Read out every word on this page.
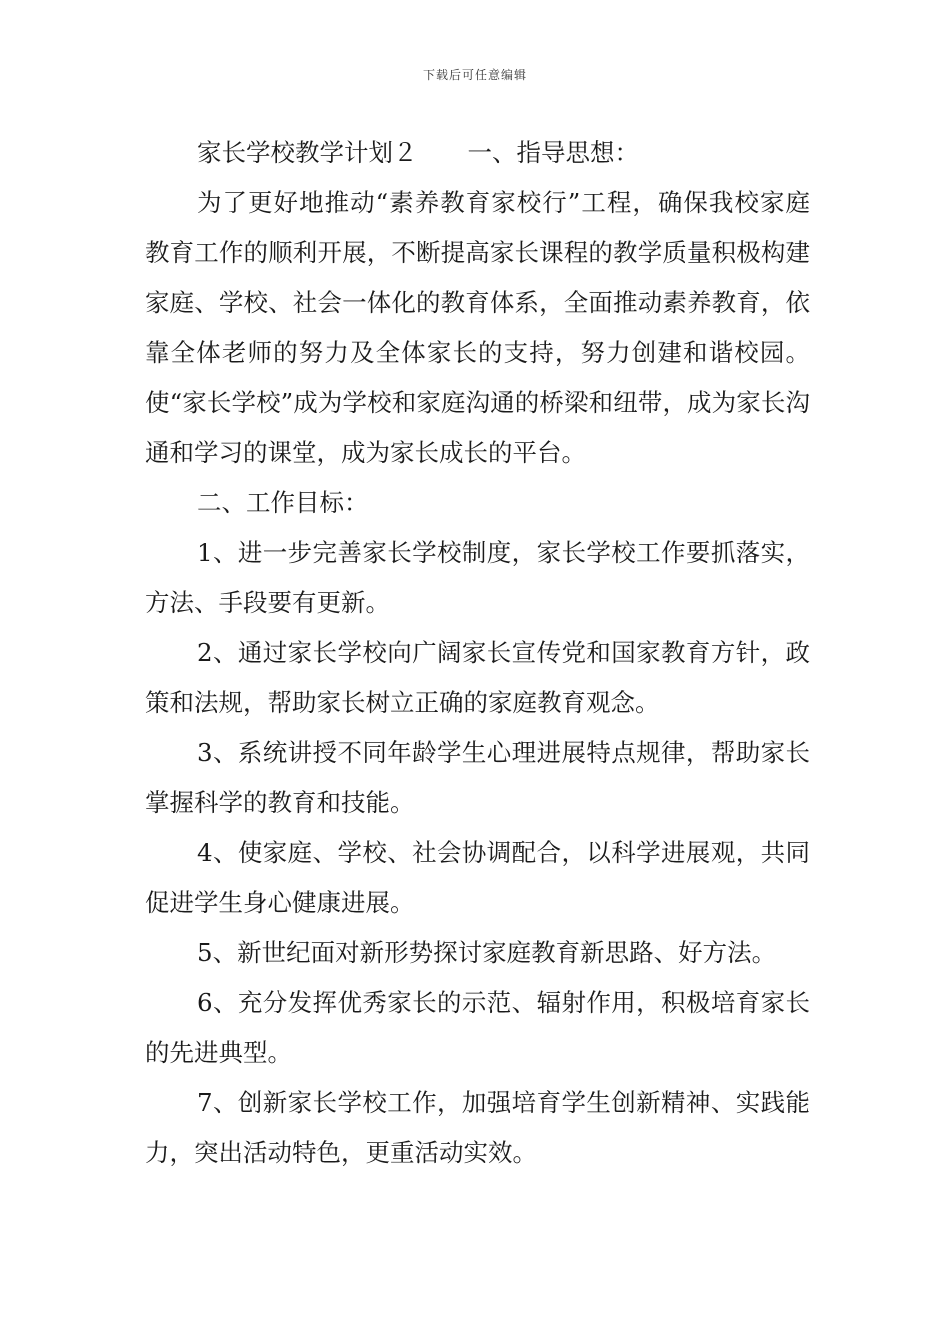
下载后可任意编辑

家长学校教学计划２ 一、指导思想：

为了更好地推动“素养教育家校行”工程，确保我校家庭教育工作的顺利开展，不断提高家长课程的教学质量积极构建家庭、学校、社会一体化的教育体系，全面推动素养教育，依靠全体老师的努力及全体家长的支持，努力创建和谐校园。使“家长学校”成为学校和家庭沟通的桥梁和纽带，成为家长沟通和学习的课堂，成为家长成长的平台。

二、工作目标：

1、进一步完善家长学校制度，家长学校工作要抓落实，方法、手段要有更新。

2、通过家长学校向广阔家长宣传党和国家教育方针，政策和法规，帮助家长树立正确的家庭教育观念。

3、系统讲授不同年龄学生心理进展特点规律，帮助家长掌握科学的教育和技能。

4、使家庭、学校、社会协调配合，以科学进展观，共同促进学生身心健康进展。

5、新世纪面对新形势探讨家庭教育新思路、好方法。

6、充分发挥优秀家长的示范、辐射作用，积极培育家长的先进典型。

7、创新家长学校工作，加强培育学生创新精神、实践能力，突出活动特色，更重活动实效。
